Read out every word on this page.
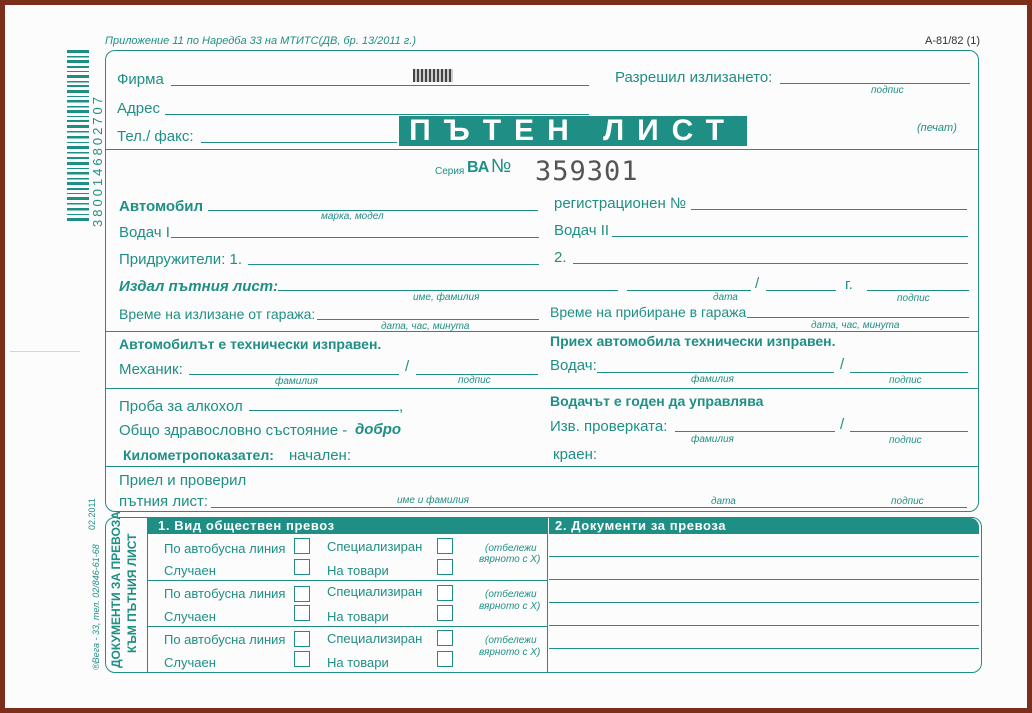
Приложение 11 по Наредба 33 на МТИТС(ДВ, бр. 13/2011 г.)	А-81/82 (1)
3800146802707
02.2011
®Вега - 33, тел. 02/846-61-68
Фирма
Адрес
Тел./ факс:
Разрешил излизането:
подпис
(печат)
ПЪТЕН ЛИСТ
Серия ВА № 359301
Автомобил
марка, модел
регистрационен №
Водач I	Водач II
Придружители: 1.	2.
Издал пътния лист:
име, фамилия	дата
/	г.
подпис
Време на излизане от гаража:
дата, час, минута
Време на прибиране в гаража
дата, час, минута
Автомобилът е технически изправен.	Приех автомобила технически изправен.
Механик:
фамилия
/
подпис
Водач:
фамилия
/
подпис
Проба за алкохол	,	Водачът е годен да управлява
Общо здравословно състояние - добро	Изв. проверката:
фамилия
/
подпис
Километропоказател: начален:	краен:
Приел и проверил
пътния лист:	име и фамилия	дата	подпис
ДОКУМЕНТИ ЗА ПРЕВОЗА КЪМ ПЪТНИЯ ЛИСТ
1. Вид обществен превоз	2. Документи за превоза
По автобусна линия	Специализиран
Случаен	На товари
(отбележи
вярното с Х)
По автобусна линия	Специализиран
Случаен	На товари
(отбележи
вярното с Х)
По автобусна линия	Специализиран
Случаен	На товари
(отбележи
вярното с Х)
